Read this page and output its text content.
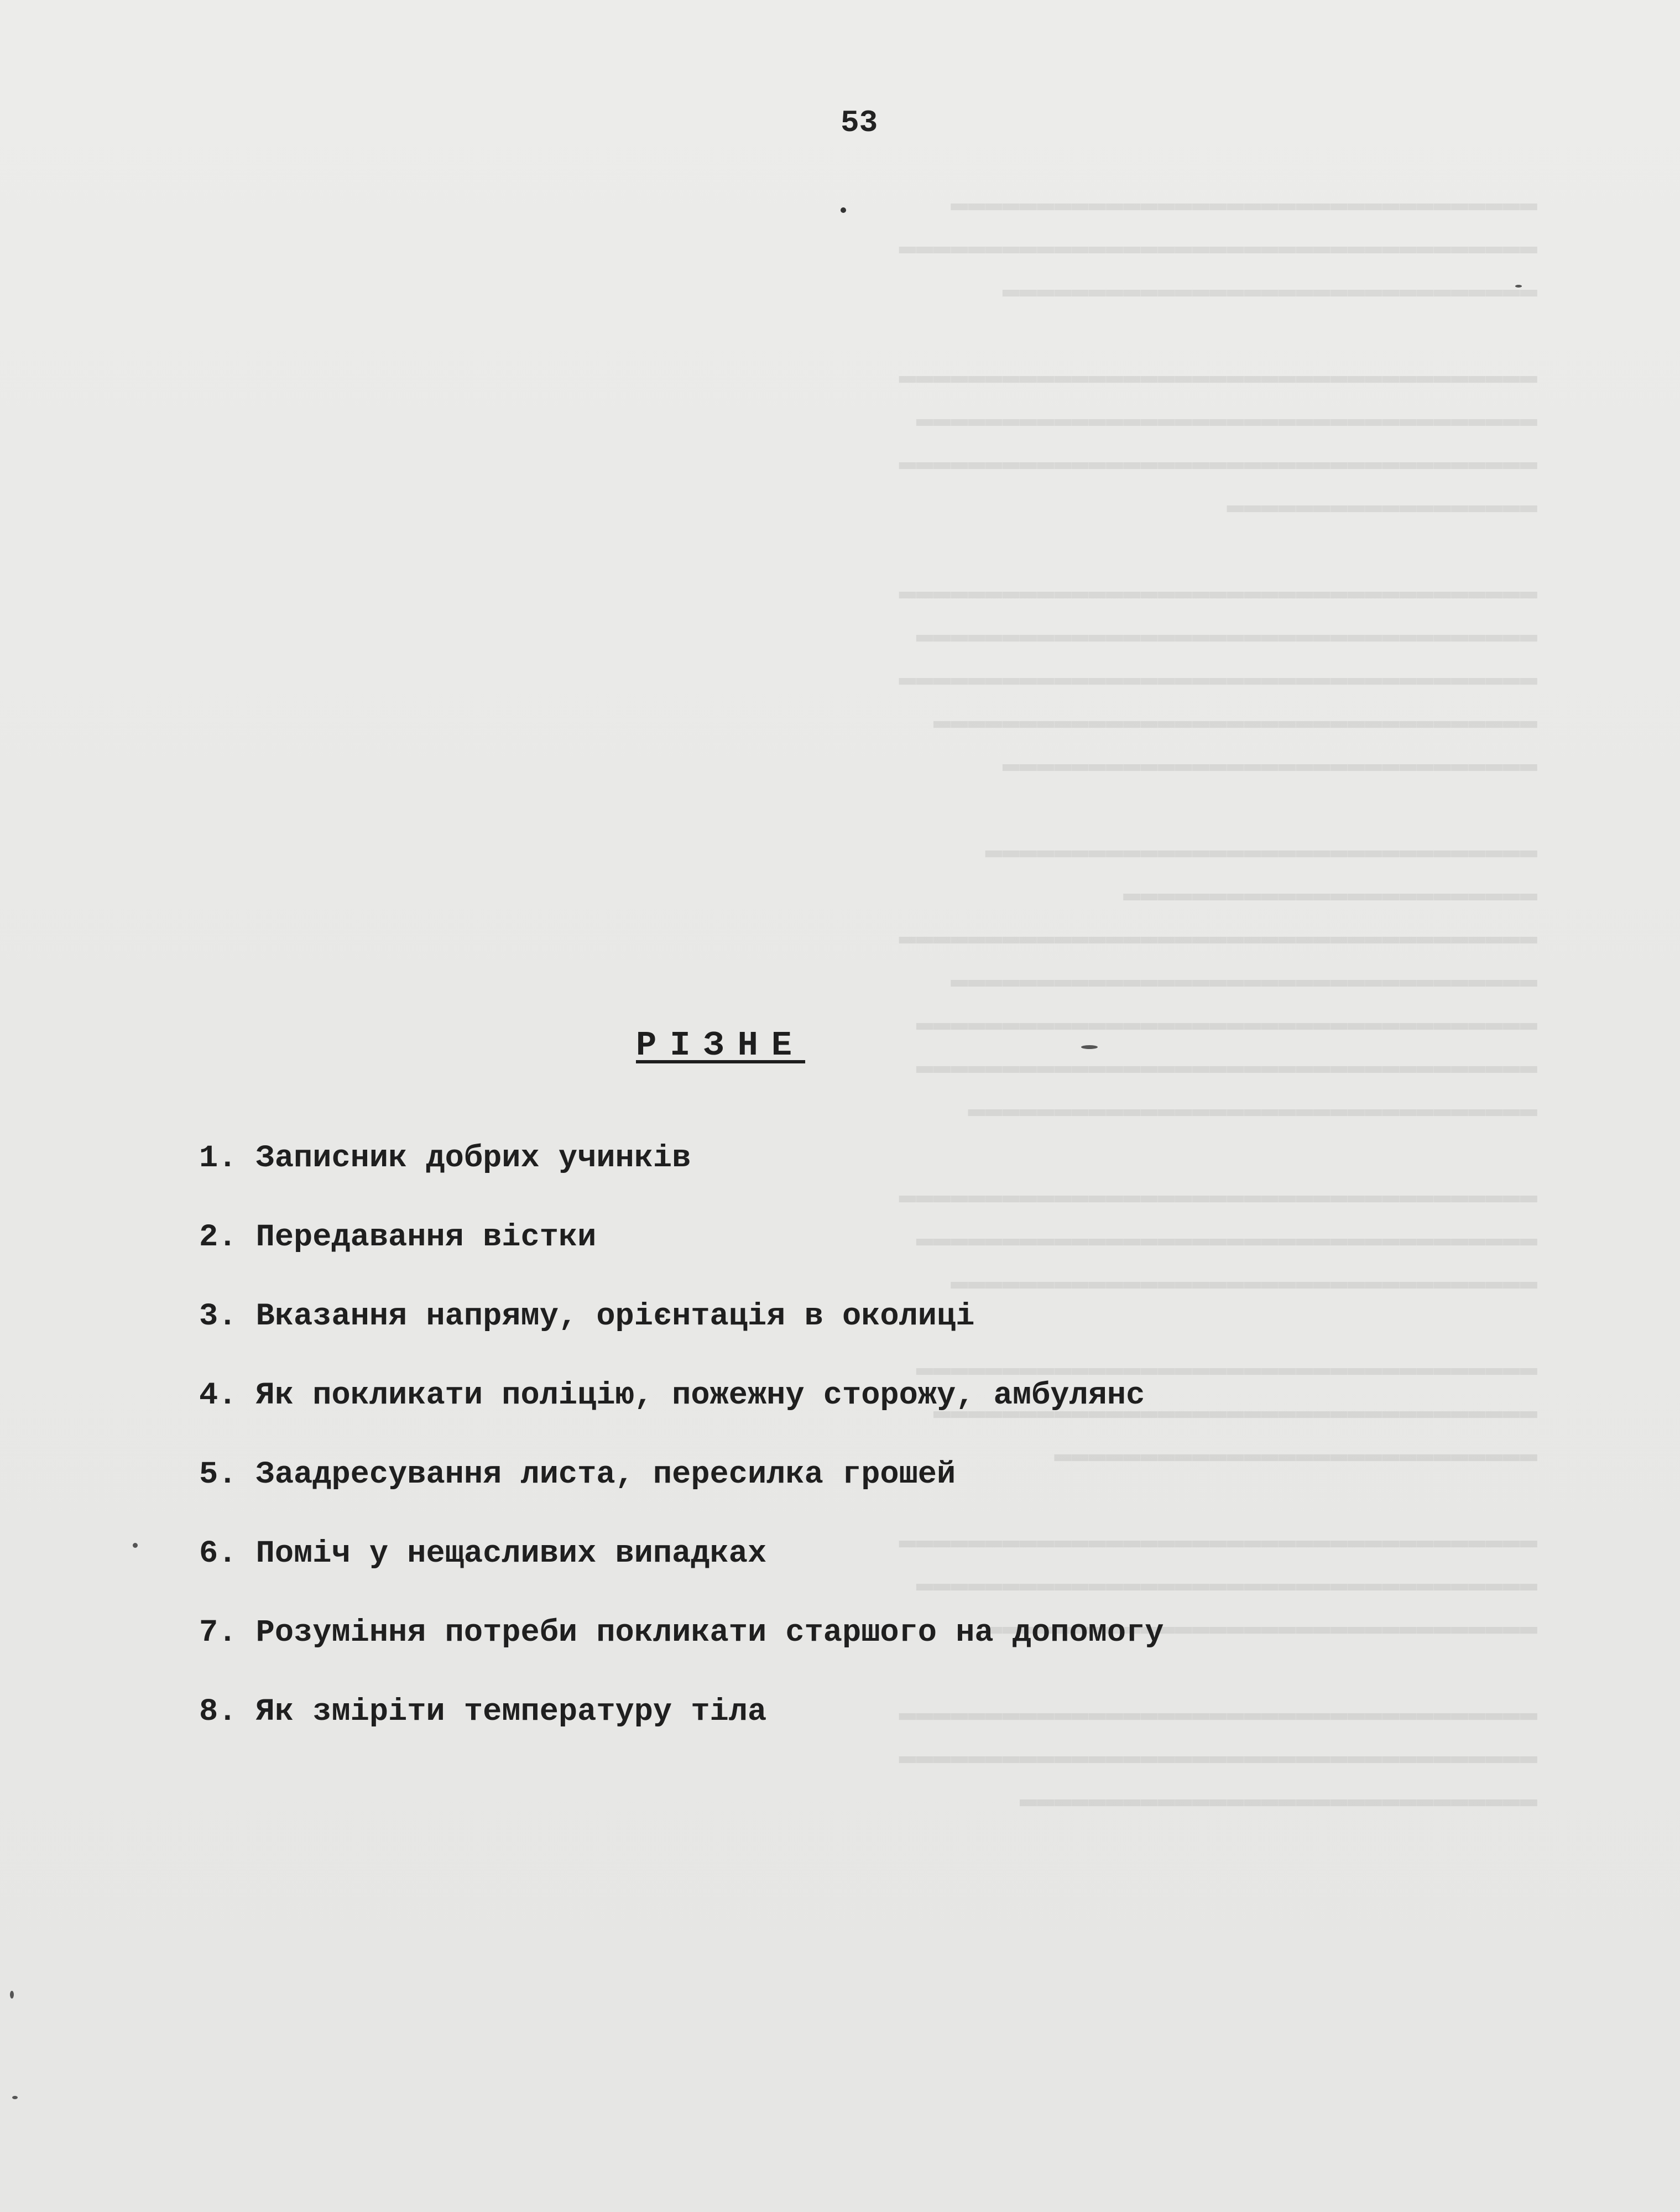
▬▬▬▬▬▬▬▬▬▬▬▬▬▬▬▬▬▬▬▬▬▬▬▬▬▬▬▬▬▬▬▬▬▬
▬▬▬▬▬▬▬▬▬▬▬▬▬▬▬▬▬▬▬▬▬▬▬▬▬▬▬▬▬▬▬▬▬▬▬▬▬
▬▬▬▬▬▬▬▬▬▬▬▬▬▬▬▬▬▬▬▬▬▬▬▬▬▬▬▬▬▬▬

▬▬▬▬▬▬▬▬▬▬▬▬▬▬▬▬▬▬▬▬▬▬▬▬▬▬▬▬▬▬▬▬▬▬▬▬▬
▬▬▬▬▬▬▬▬▬▬▬▬▬▬▬▬▬▬▬▬▬▬▬▬▬▬▬▬▬▬▬▬▬▬▬▬
▬▬▬▬▬▬▬▬▬▬▬▬▬▬▬▬▬▬▬▬▬▬▬▬▬▬▬▬▬▬▬▬▬▬▬▬▬
▬▬▬▬▬▬▬▬▬▬▬▬▬▬▬▬▬▬

▬▬▬▬▬▬▬▬▬▬▬▬▬▬▬▬▬▬▬▬▬▬▬▬▬▬▬▬▬▬▬▬▬▬▬▬▬
▬▬▬▬▬▬▬▬▬▬▬▬▬▬▬▬▬▬▬▬▬▬▬▬▬▬▬▬▬▬▬▬▬▬▬▬
▬▬▬▬▬▬▬▬▬▬▬▬▬▬▬▬▬▬▬▬▬▬▬▬▬▬▬▬▬▬▬▬▬▬▬▬▬
▬▬▬▬▬▬▬▬▬▬▬▬▬▬▬▬▬▬▬▬▬▬▬▬▬▬▬▬▬▬▬▬▬▬▬
▬▬▬▬▬▬▬▬▬▬▬▬▬▬▬▬▬▬▬▬▬▬▬▬▬▬▬▬▬▬▬

▬▬▬▬▬▬▬▬▬▬▬▬▬▬▬▬▬▬▬▬▬▬▬▬▬▬▬▬▬▬▬▬
▬▬▬▬▬▬▬▬▬▬▬▬▬▬▬▬▬▬▬▬▬▬▬▬
▬▬▬▬▬▬▬▬▬▬▬▬▬▬▬▬▬▬▬▬▬▬▬▬▬▬▬▬▬▬▬▬▬▬▬▬▬
▬▬▬▬▬▬▬▬▬▬▬▬▬▬▬▬▬▬▬▬▬▬▬▬▬▬▬▬▬▬▬▬▬▬
▬▬▬▬▬▬▬▬▬▬▬▬▬▬▬▬▬▬▬▬▬▬▬▬▬▬▬▬▬▬▬▬▬▬▬▬
▬▬▬▬▬▬▬▬▬▬▬▬▬▬▬▬▬▬▬▬▬▬▬▬▬▬▬▬▬▬▬▬▬▬▬▬
▬▬▬▬▬▬▬▬▬▬▬▬▬▬▬▬▬▬▬▬▬▬▬▬▬▬▬▬▬▬▬▬▬

▬▬▬▬▬▬▬▬▬▬▬▬▬▬▬▬▬▬▬▬▬▬▬▬▬▬▬▬▬▬▬▬▬▬▬▬▬
▬▬▬▬▬▬▬▬▬▬▬▬▬▬▬▬▬▬▬▬▬▬▬▬▬▬▬▬▬▬▬▬▬▬▬▬
▬▬▬▬▬▬▬▬▬▬▬▬▬▬▬▬▬▬▬▬▬▬▬▬▬▬▬▬▬▬▬▬▬▬

▬▬▬▬▬▬▬▬▬▬▬▬▬▬▬▬▬▬▬▬▬▬▬▬▬▬▬▬▬▬▬▬▬▬▬▬
▬▬▬▬▬▬▬▬▬▬▬▬▬▬▬▬▬▬▬▬▬▬▬▬▬▬▬▬▬▬▬▬▬▬▬
▬▬▬▬▬▬▬▬▬▬▬▬▬▬▬▬▬▬▬▬▬▬▬▬▬▬▬▬

▬▬▬▬▬▬▬▬▬▬▬▬▬▬▬▬▬▬▬▬▬▬▬▬▬▬▬▬▬▬▬▬▬▬▬▬▬
▬▬▬▬▬▬▬▬▬▬▬▬▬▬▬▬▬▬▬▬▬▬▬▬▬▬▬▬▬▬▬▬▬▬▬▬
▬▬▬▬▬▬▬▬▬▬▬▬▬▬▬▬▬▬▬▬▬▬▬▬▬▬▬▬▬▬▬▬

▬▬▬▬▬▬▬▬▬▬▬▬▬▬▬▬▬▬▬▬▬▬▬▬▬▬▬▬▬▬▬▬▬▬▬▬▬
▬▬▬▬▬▬▬▬▬▬▬▬▬▬▬▬▬▬▬▬▬▬▬▬▬▬▬▬▬▬▬▬▬▬▬▬▬
▬▬▬▬▬▬▬▬▬▬▬▬▬▬▬▬▬▬▬▬▬▬▬▬▬▬▬▬▬▬
53
РІЗНЕ
1. Записник добрих учинків
2. Передавання вістки
3. Вказання напряму, орієнтація в околиці
4. Як покликати поліцію, пожежну сторожу, амбулянс
5. Заадресування листа, пересилка грошей
6. Поміч у нещасливих випадках
7. Розуміння потреби покликати старшого на допомогу
8. Як зміріти температуру тіла
